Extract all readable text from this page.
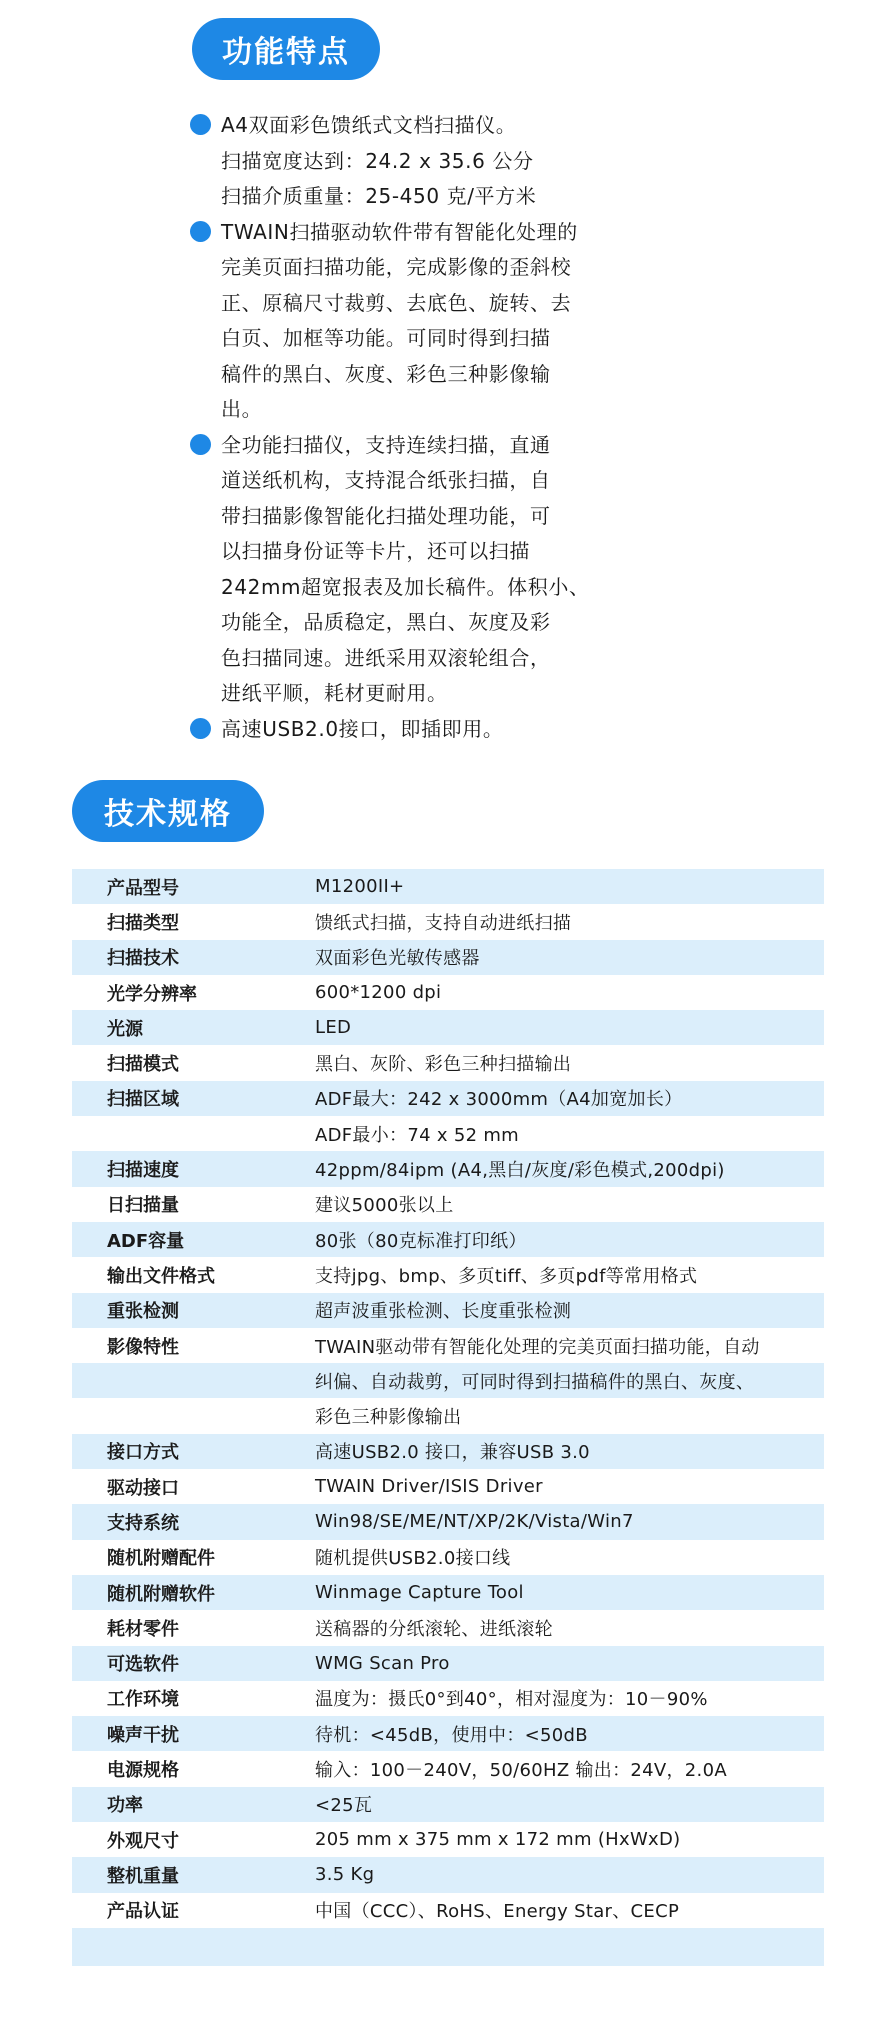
功能特点
A4双面彩色馈纸式文档扫描仪。
扫描宽度达到：24.2 x 35.6 公分
扫描介质重量：25-450 克/平方米
TWAIN扫描驱动软件带有智能化处理的
完美页面扫描功能，完成影像的歪斜校
正、原稿尺寸裁剪、去底色、旋转、去
白页、加框等功能。可同时得到扫描
稿件的黑白、灰度、彩色三种影像输
出。
全功能扫描仪，支持连续扫描，直通
道送纸机构，支持混合纸张扫描，自
带扫描影像智能化扫描处理功能，可
以扫描身份证等卡片，还可以扫描
242mm超宽报表及加长稿件。体积小、
功能全，品质稳定，黑白、灰度及彩
色扫描同速。进纸采用双滚轮组合，
进纸平顺，耗材更耐用。
高速USB2.0接口，即插即用。
技术规格
产品型号	M1200II+
扫描类型	馈纸式扫描，支持自动进纸扫描
扫描技术	双面彩色光敏传感器
光学分辨率	600*1200 dpi
光源	LED
扫描模式	黑白、灰阶、彩色三种扫描输出
扫描区域	ADF最大：242 x 3000mm（A4加宽加长）
	ADF最小：74 x 52 mm
扫描速度	42ppm/84ipm (A4,黑白/灰度/彩色模式,200dpi)
日扫描量	建议5000张以上
ADF容量	80张（80克标准打印纸）
输出文件格式	支持jpg、bmp、多页tiff、多页pdf等常用格式
重张检测	超声波重张检测、长度重张检测
影像特性	TWAIN驱动带有智能化处理的完美页面扫描功能，自动
	纠偏、自动裁剪，可同时得到扫描稿件的黑白、灰度、
	彩色三种影像输出
接口方式	高速USB2.0 接口，兼容USB 3.0
驱动接口	TWAIN Driver/ISIS Driver
支持系统	Win98/SE/ME/NT/XP/2K/Vista/Win7
随机附赠配件	随机提供USB2.0接口线
随机附赠软件	Winmage Capture Tool
耗材零件	送稿器的分纸滚轮、进纸滚轮
可选软件	WMG Scan Pro
工作环境	温度为：摄氏0°到40°，相对湿度为：10－90%
噪声干扰	待机：<45dB，使用中：<50dB
电源规格	输入：100－240V，50/60HZ 输出：24V，2.0A
功率	<25瓦
外观尺寸	205 mm x 375 mm x 172 mm (HxWxD)
整机重量	3.5 Kg
产品认证	中国（CCC）、RoHS、Energy Star、CECP
